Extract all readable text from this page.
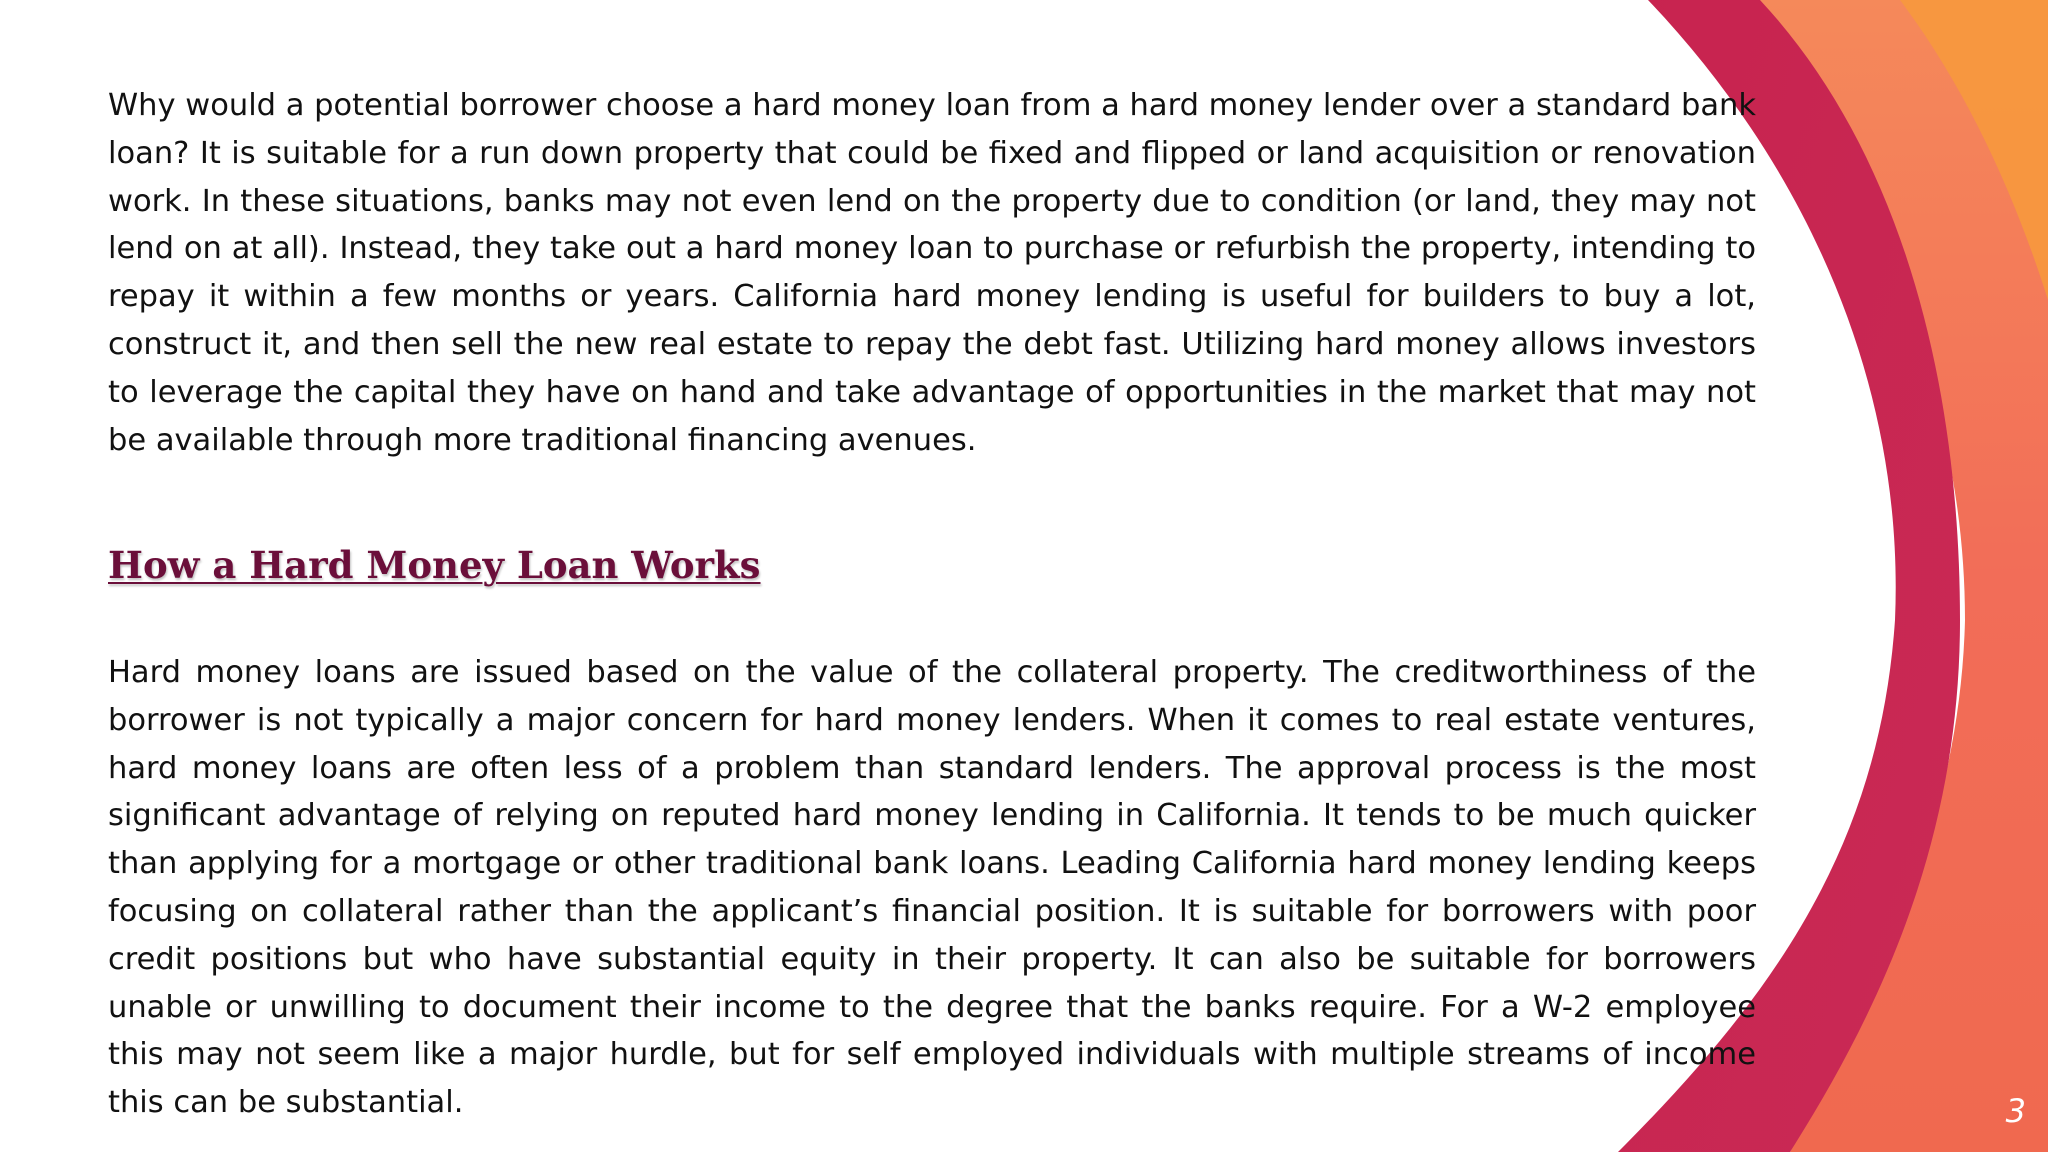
Why would a potential borrower choose a hard money loan from a hard money lender over a standard bank loan? It is suitable for a run down property that could be fixed and flipped or land acquisition or renovation work. In these situations, banks may not even lend on the property due to condition (or land, they may not lend on at all). Instead, they take out a hard money loan to purchase or refurbish the property, intending to repay it within a few months or years. California hard money lending is useful for builders to buy a lot, construct it, and then sell the new real estate to repay the debt fast. Utilizing hard money allows investors to leverage the capital they have on hand and take advantage of opportunities in the market that may not be available through more traditional financing avenues.

How a Hard Money Loan Works

Hard money loans are issued based on the value of the collateral property. The creditworthiness of the borrower is not typically a major concern for hard money lenders. When it comes to real estate ventures, hard money loans are often less of a problem than standard lenders. The approval process is the most significant advantage of relying on reputed hard money lending in California. It tends to be much quicker than applying for a mortgage or other traditional bank loans. Leading California hard money lending keeps focusing on collateral rather than the applicant’s financial position. It is suitable for borrowers with poor credit positions but who have substantial equity in their property. It can also be suitable for borrowers unable or unwilling to document their income to the degree that the banks require. For a W-2 employee this may not seem like a major hurdle, but for self employed individuals with multiple streams of income this can be substantial.	3
